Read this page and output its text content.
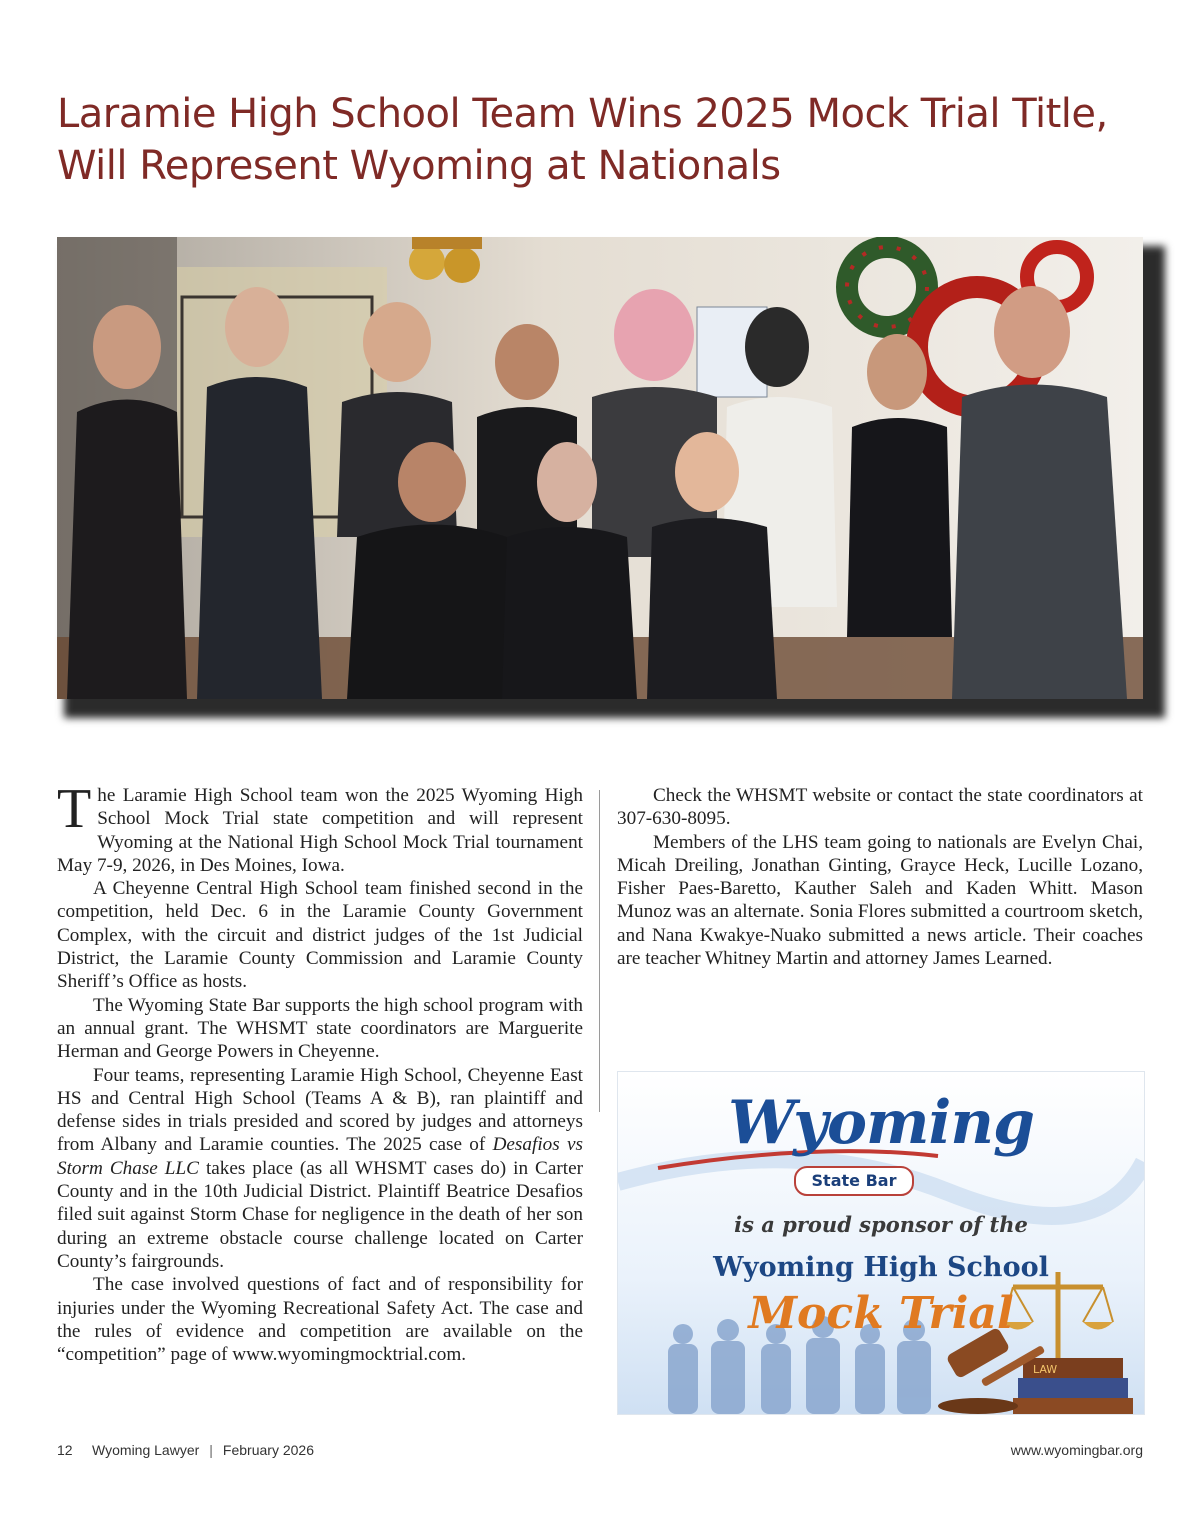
Laramie High School Team Wins 2025 Mock Trial Title,
Will Represent Wyoming at Nationals

The Laramie High School team won the 2025 Wyoming High School Mock Trial state competition and will represent Wyoming at the National High School Mock Trial tournament May 7-9, 2026, in Des Moines, Iowa.

A Cheyenne Central High School team finished second in the competition, held Dec. 6 in the Laramie County Government Complex, with the circuit and district judges of the 1st Judicial District, the Laramie County Commission and Laramie County Sheriff’s Office as hosts.

The Wyoming State Bar supports the high school program with an annual grant. The WHSMT state coordinators are Marguerite Herman and George Powers in Cheyenne.

Four teams, representing Laramie High School, Cheyenne East HS and Central High School (Teams A & B), ran plaintiff and defense sides in trials presided and scored by judges and attorneys from Albany and Laramie counties. The 2025 case of Desafios vs Storm Chase LLC takes place (as all WHSMT cases do) in Carter County and in the 10th Judicial District. Plaintiff Beatrice Desafios filed suit against Storm Chase for negligence in the death of her son during an extreme obstacle course challenge located on Carter County’s fairgrounds.

The case involved questions of fact and of responsibility for injuries under the Wyoming Recreational Safety Act. The case and the rules of evidence and competition are available on the “competition” page of www.wyomingmocktrial.com.

Check the WHSMT website or contact the state coordinators at 307-630-8095.

Members of the LHS team going to nationals are Evelyn Chai, Micah Dreiling, Jonathan Ginting, Grayce Heck, Lucille Lozano, Fisher Paes-Baretto, Kauther Saleh and Kaden Whitt. Mason Munoz was an alternate. Sonia Flores submitted a courtroom sketch, and Nana Kwakye-Nuako submitted a news article. Their coaches are teacher Whitney Martin and attorney James Learned.

LAW
Wyoming
State Bar
is a proud sponsor of the
Wyoming High School
Mock Trial
12 Wyoming Lawyer | February 2026	www.wyomingbar.org
